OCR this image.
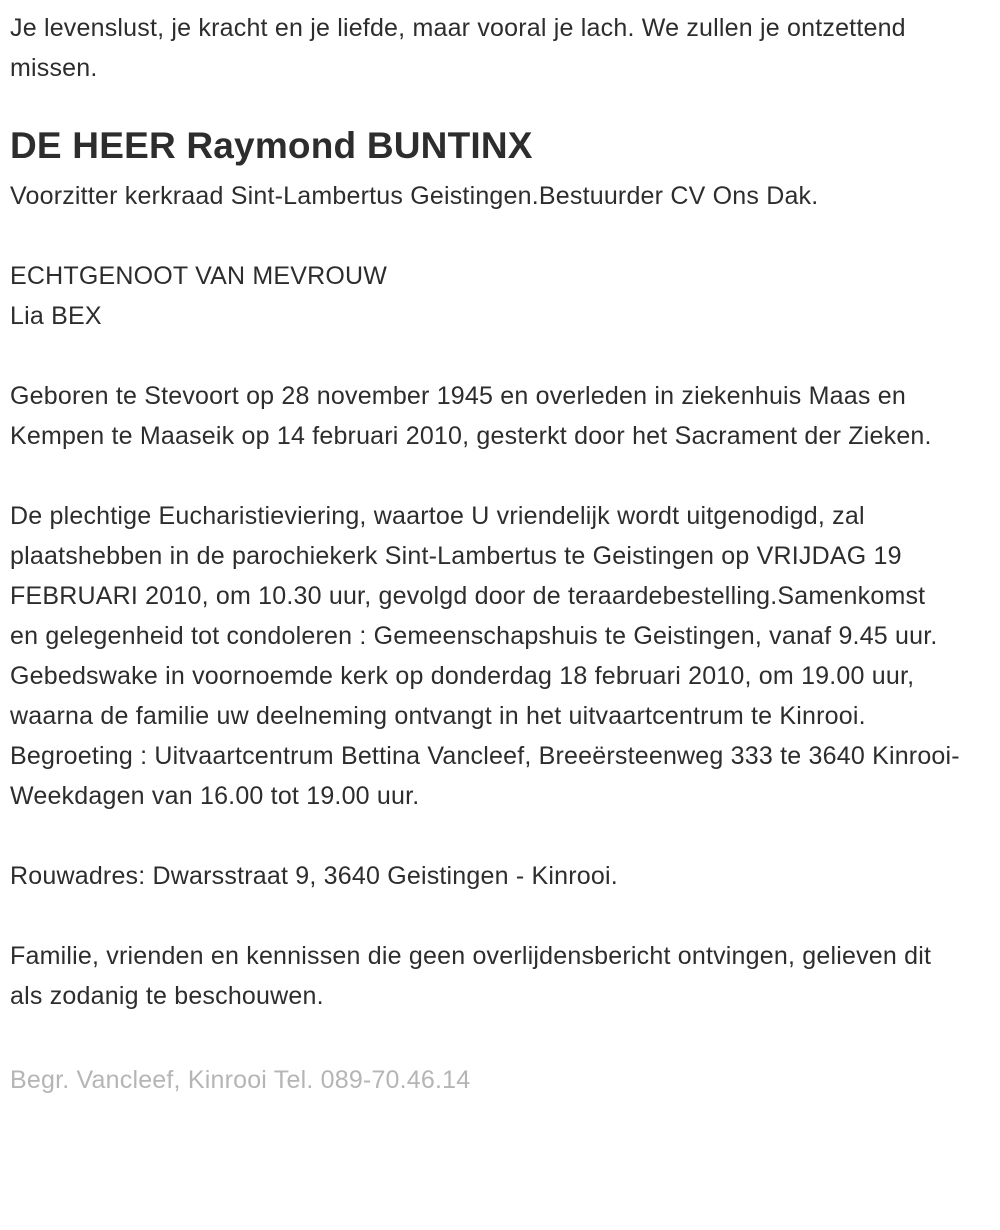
Je levenslust, je kracht en je liefde, maar vooral je lach. We zullen je ontzettend missen.

DE HEER Raymond BUNTINX

Voorzitter kerkraad Sint-Lambertus Geistingen.Bestuurder CV Ons Dak.

ECHTGENOOT VAN MEVROUW
Lia BEX

Geboren te Stevoort op 28 november 1945 en overleden in ziekenhuis Maas en Kempen te Maaseik op 14 februari 2010, gesterkt door het Sacrament der Zieken.

De plechtige Eucharistieviering, waartoe U vriendelijk wordt uitgenodigd, zal plaatshebben in de parochiekerk Sint-Lambertus te Geistingen op VRIJDAG 19 FEBRUARI 2010, om 10.30 uur, gevolgd door de teraardebestelling.Samenkomst en gelegenheid tot condoleren : Gemeenschapshuis te Geistingen, vanaf 9.45 uur.
Gebedswake in voornoemde kerk op donderdag 18 februari 2010, om 19.00 uur, waarna de familie uw deelneming ontvangt in het uitvaartcentrum te Kinrooi.
Begroeting : Uitvaartcentrum Bettina Vancleef, Breeërsteenweg 333 te 3640 Kinrooi-Weekdagen van 16.00 tot 19.00 uur.

Rouwadres: Dwarsstraat 9, 3640 Geistingen - Kinrooi.

Familie, vrienden en kennissen die geen overlijdensbericht ontvingen, gelieven dit als zodanig te beschouwen.

Begr. Vancleef, Kinrooi Tel. 089-70.46.14
